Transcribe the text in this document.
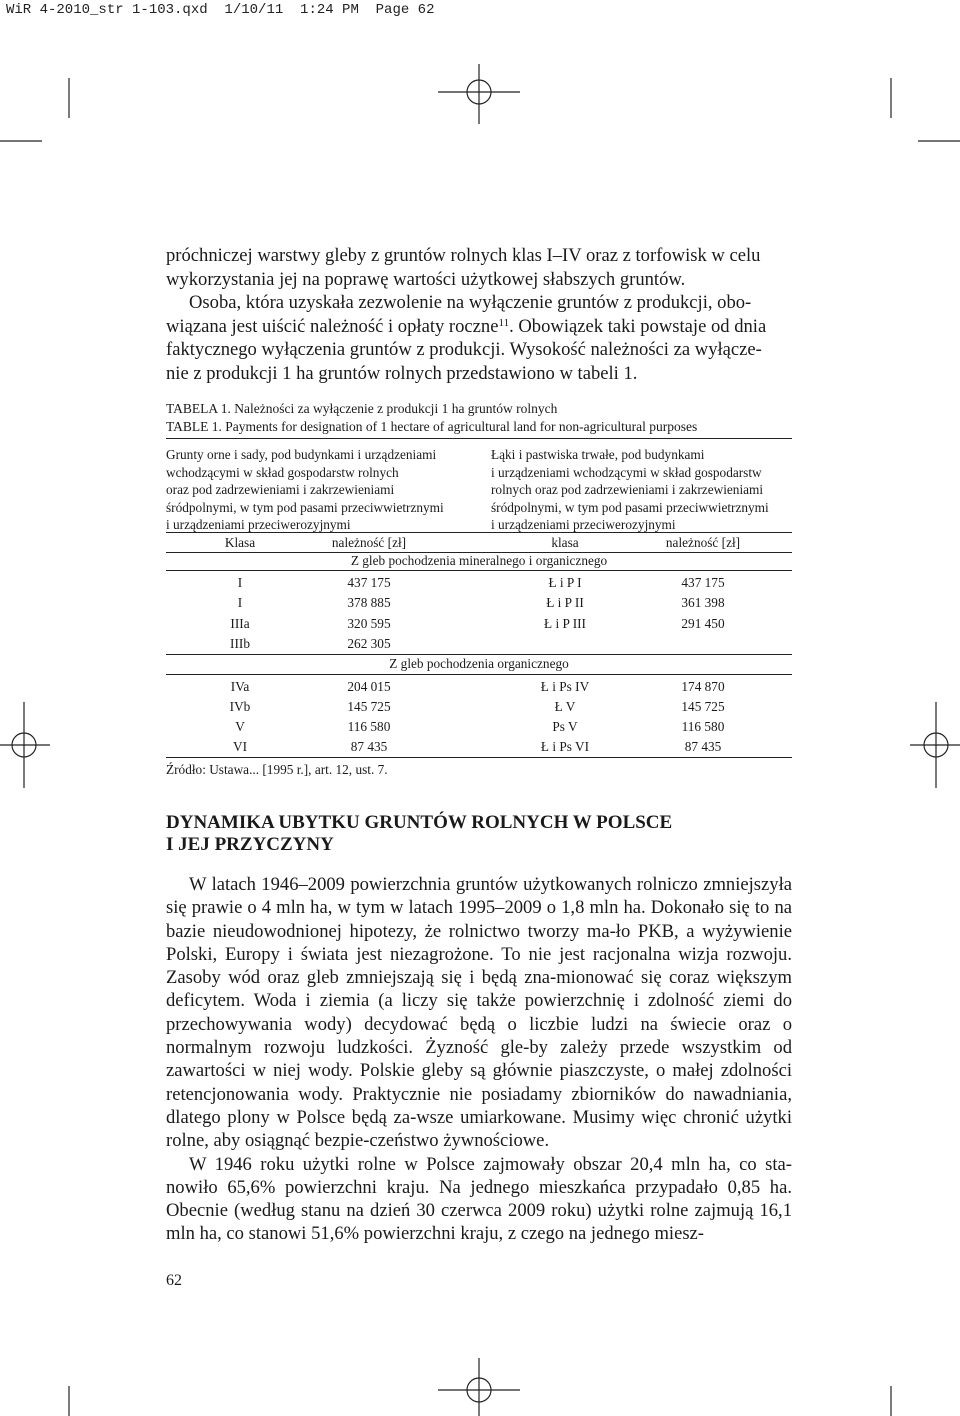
WiR 4-2010_str 1-103.qxd  1/10/11  1:24 PM  Page 62

próchniczej warstwy gleby z gruntów rolnych klas I–IV oraz z torfowisk w celu

wykorzystania jej na poprawę wartości użytkowej słabszych gruntów.

Osoba, która uzyskała zezwolenie na wyłączenie gruntów z produkcji, obo-

wiązana jest uiścić należność i opłaty roczne$^{11}$. Obowiązek taki powstaje od dnia

faktycznego wyłączenia gruntów z produkcji. Wysokość należności za wyłącze-

nie z produkcji 1 ha gruntów rolnych przedstawiono w tabeli 1.

TABELA 1. Należności za wyłączenie z produkcji 1 ha gruntów rolnych
TABLE 1. Payments for designation of 1 hectare of agricultural land for non-agricultural purposes

Grunty orne i sady, pod budynkami i urządzeniami

wchodzącymi w skład gospodarstw rolnych

oraz pod zadrzewieniami i zakrzewieniami

śródpolnymi, w tym pod pasami przeciwwietrznymi

i urządzeniami przeciwerozyjnymi

Łąki i pastwiska trwałe, pod budynkami

i urządzeniami wchodzącymi w skład gospodarstw

rolnych oraz pod zadrzewieniami i zakrzewieniami

śródpolnymi, w tym pod pasami przeciwwietrznymi

i urządzeniami przeciwerozyjnymi

Klasa	należność [zł]	klasa	należność [zł]
Z gleb pochodzenia mineralnego i organicznego
I	437 175	Ł i P I	437 175
I	378 885	Ł i P II	361 398
IIIa	320 595	Ł i P III	291 450
IIIb	262 305
Z gleb pochodzenia organicznego
IVa	204 015	Ł i Ps IV	174 870
IVb	145 725	Ł V	145 725
V	116 580	Ps V	116 580
VI	87 435	Ł i Ps VI	87 435
Źródło: Ustawa... [1995 r.], art. 12, ust. 7.

DYNAMIKA UBYTKU GRUNTÓW ROLNYCH W POLSCE

I JEJ PRZYCZYNY

W latach 1946–2009 powierzchnia gruntów użytkowanych rolniczo zmniejszyła się prawie o 4 mln ha, w tym w latach 1995–2009 o 1,8 mln ha. Dokonało się to na bazie nieudowodnionej hipotezy, że rolnictwo tworzy ma-ło PKB, a wyżywienie Polski, Europy i świata jest niezagrożone. To nie jest racjonalna wizja rozwoju. Zasoby wód oraz gleb zmniejszają się i będą zna-mionować się coraz większym deficytem. Woda i ziemia (a liczy się także powierzchnię i zdolność ziemi do przechowywania wody) decydować będą o liczbie ludzi na świecie oraz o normalnym rozwoju ludzkości. Żyzność gle-by zależy przede wszystkim od zawartości w niej wody. Polskie gleby są głównie piaszczyste, o małej zdolności retencjonowania wody. Praktycznie nie posiadamy zbiorników do nawadniania, dlatego plony w Polsce będą za-wsze umiarkowane. Musimy więc chronić użytki rolne, aby osiągnąć bezpie-czeństwo żywnościowe.

W 1946 roku użytki rolne w Polsce zajmowały obszar 20,4 mln ha, co sta-nowiło 65,6% powierzchni kraju. Na jednego mieszkańca przypadało 0,85 ha. Obecnie (według stanu na dzień 30 czerwca 2009 roku) użytki rolne zajmują 16,1 mln ha, co stanowi 51,6% powierzchni kraju, z czego na jednego miesz-

62
